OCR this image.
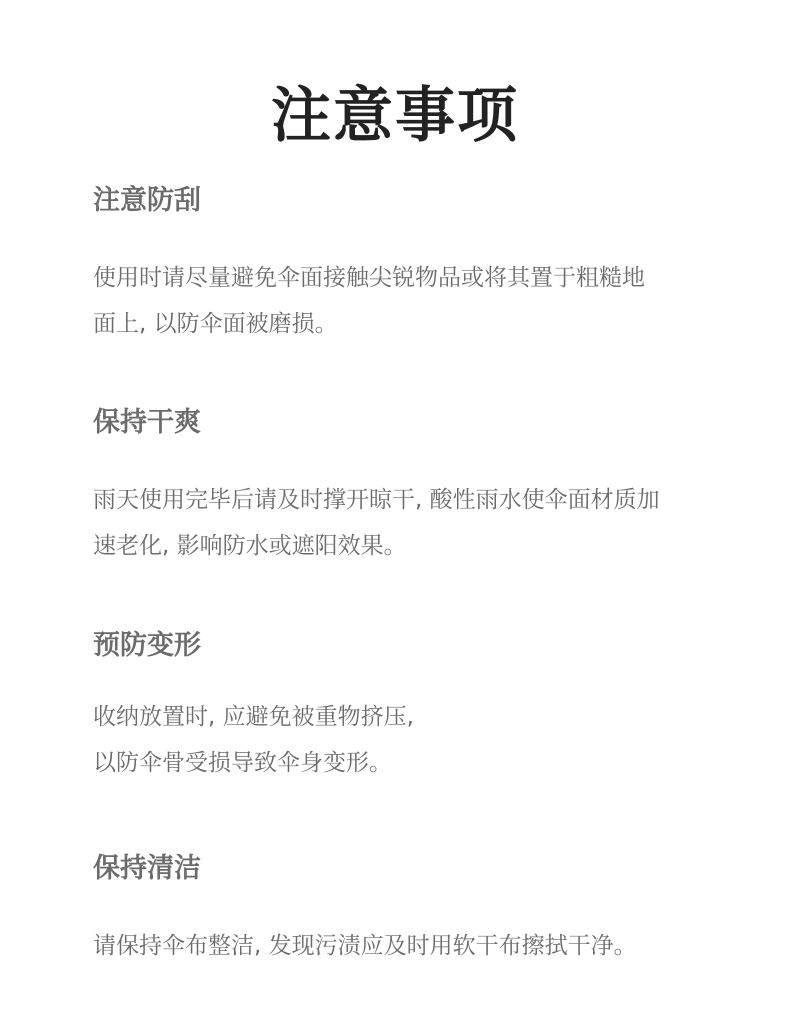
注意事项
注意防刮
使用时请尽量避免伞面接触尖锐物品或将其置于粗糙地
面上, 以防伞面被磨损。
保持干爽
雨天使用完毕后请及时撑开晾干, 酸性雨水使伞面材质加
速老化, 影响防水或遮阳效果。
预防变形
收纳放置时, 应避免被重物挤压,
以防伞骨受损导致伞身变形。
保持清洁
请保持伞布整洁, 发现污渍应及时用软干布擦拭干净。
